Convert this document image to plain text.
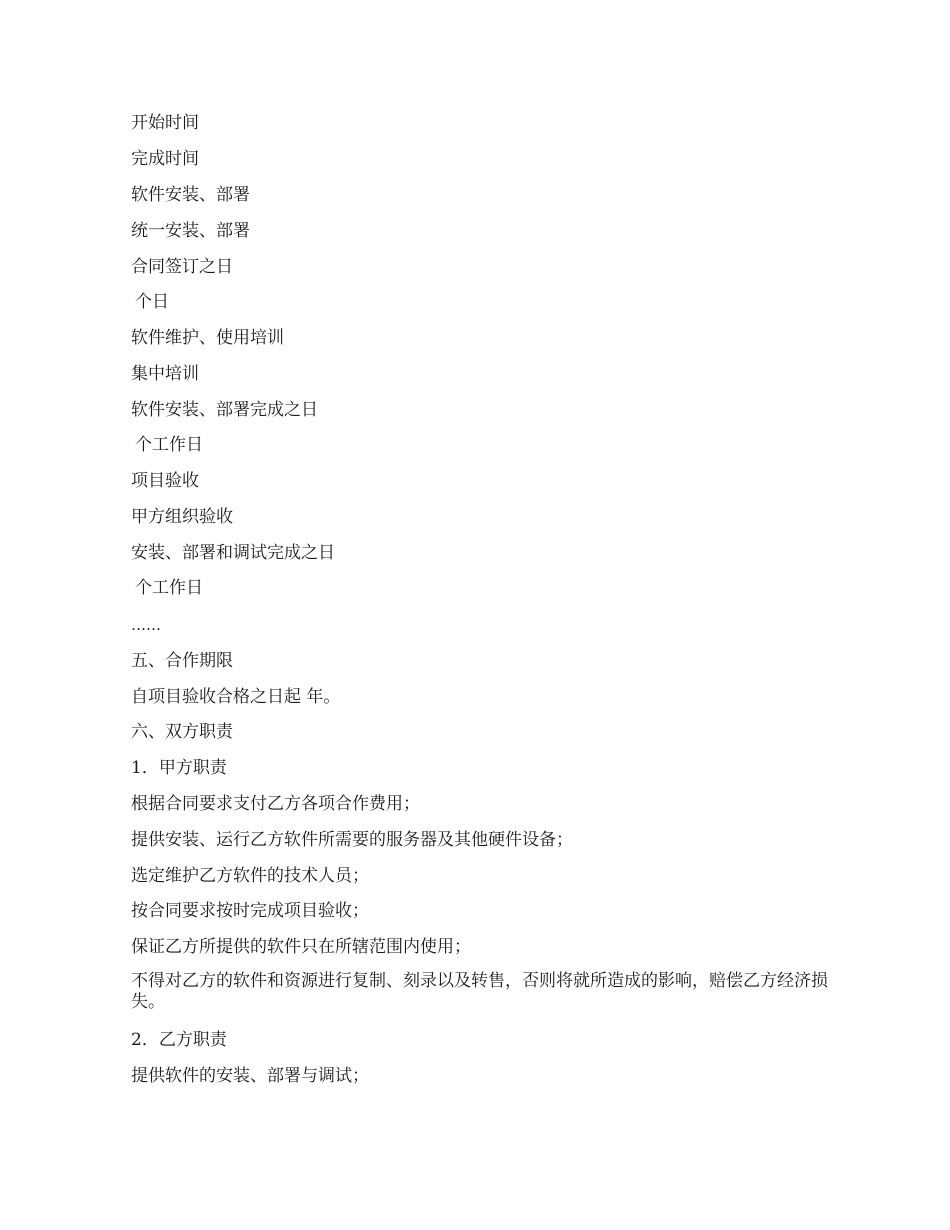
开始时间
完成时间
软件安装、部署
统一安装、部署
合同签订之日
个日
软件维护、使用培训
集中培训
软件安装、部署完成之日
个工作日
项目验收
甲方组织验收
安装、部署和调试完成之日
个工作日
……
五、合作期限
自项目验收合格之日起 年。
六、双方职责
1．甲方职责
根据合同要求支付乙方各项合作费用；
提供安装、运行乙方软件所需要的服务器及其他硬件设备；
选定维护乙方软件的技术人员；
按合同要求按时完成项目验收；
保证乙方所提供的软件只在所辖范围内使用；
不得对乙方的软件和资源进行复制、刻录以及转售，否则将就所造成的影响，赔偿乙方经济损失。
2．乙方职责
提供软件的安装、部署与调试；
